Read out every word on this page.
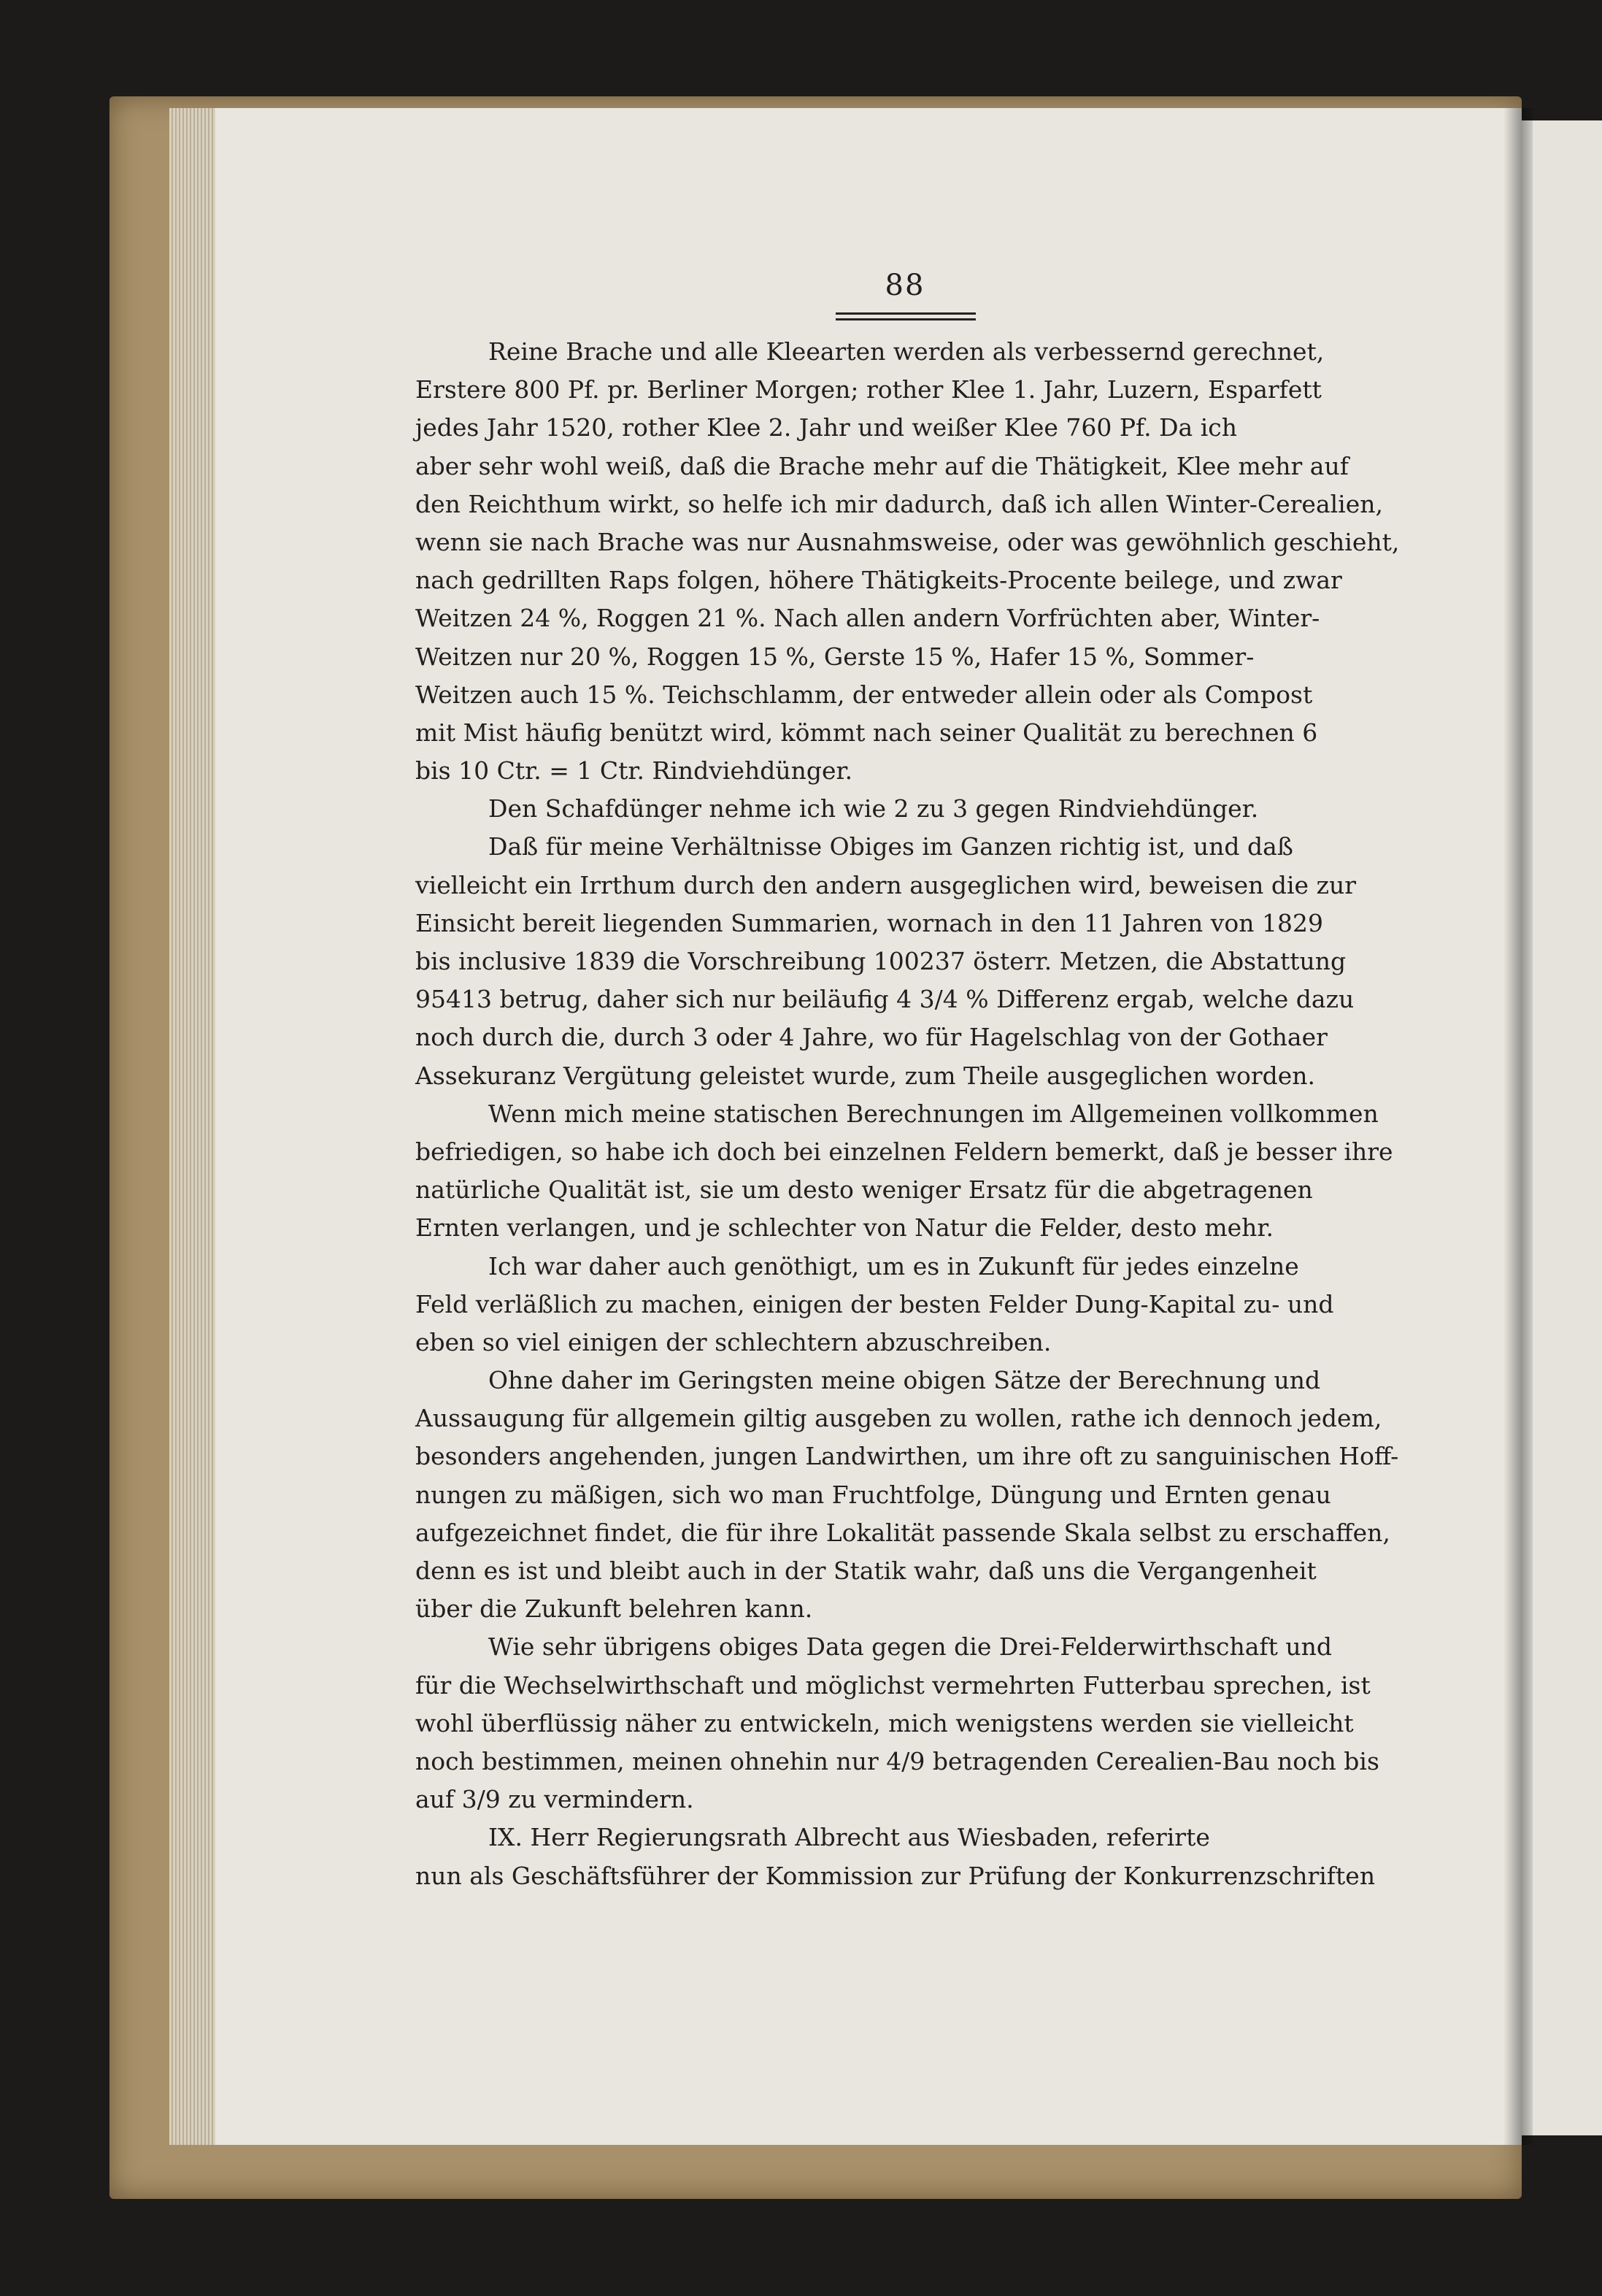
88
Reine Brache und alle Kleearten werden als verbessernd gerechnet,
Erstere 800 Pf. pr. Berliner Morgen; rother Klee 1. Jahr, Luzern, Esparfett
jedes Jahr 1520, rother Klee 2. Jahr und weißer Klee 760 Pf. Da ich
aber sehr wohl weiß, daß die Brache mehr auf die Thätigkeit, Klee mehr auf
den Reichthum wirkt, so helfe ich mir dadurch, daß ich allen Winter-Cerealien,
wenn sie nach Brache was nur Ausnahmsweise, oder was gewöhnlich geschieht,
nach gedrillten Raps folgen, höhere Thätigkeits-Procente beilege, und zwar
Weitzen 24 %, Roggen 21 %. Nach allen andern Vorfrüchten aber, Winter-
Weitzen nur 20 %, Roggen 15 %, Gerste 15 %, Hafer 15 %, Sommer-
Weitzen auch 15 %. Teichschlamm, der entweder allein oder als Compost
mit Mist häufig benützt wird, kömmt nach seiner Qualität zu berechnen 6
bis 10 Ctr. = 1 Ctr. Rindviehdünger.
Den Schafdünger nehme ich wie 2 zu 3 gegen Rindviehdünger.
Daß für meine Verhältnisse Obiges im Ganzen richtig ist, und daß
vielleicht ein Irrthum durch den andern ausgeglichen wird, beweisen die zur
Einsicht bereit liegenden Summarien, wornach in den 11 Jahren von 1829
bis inclusive 1839 die Vorschreibung 100237 österr. Metzen, die Abstattung
95413 betrug, daher sich nur beiläufig 4 3/4 % Differenz ergab, welche dazu
noch durch die, durch 3 oder 4 Jahre, wo für Hagelschlag von der Gothaer
Assekuranz Vergütung geleistet wurde, zum Theile ausgeglichen worden.
Wenn mich meine statischen Berechnungen im Allgemeinen vollkommen
befriedigen, so habe ich doch bei einzelnen Feldern bemerkt, daß je besser ihre
natürliche Qualität ist, sie um desto weniger Ersatz für die abgetragenen
Ernten verlangen, und je schlechter von Natur die Felder, desto mehr.
Ich war daher auch genöthigt, um es in Zukunft für jedes einzelne
Feld verläßlich zu machen, einigen der besten Felder Dung-Kapital zu- und
eben so viel einigen der schlechtern abzuschreiben.
Ohne daher im Geringsten meine obigen Sätze der Berechnung und
Aussaugung für allgemein giltig ausgeben zu wollen, rathe ich dennoch jedem,
besonders angehenden, jungen Landwirthen, um ihre oft zu sanguinischen Hoff-
nungen zu mäßigen, sich wo man Fruchtfolge, Düngung und Ernten genau
aufgezeichnet findet, die für ihre Lokalität passende Skala selbst zu erschaffen,
denn es ist und bleibt auch in der Statik wahr, daß uns die Vergangenheit
über die Zukunft belehren kann.
Wie sehr übrigens obiges Data gegen die Drei-Felderwirthschaft und
für die Wechselwirthschaft und möglichst vermehrten Futterbau sprechen, ist
wohl überflüssig näher zu entwickeln, mich wenigstens werden sie vielleicht
noch bestimmen, meinen ohnehin nur 4/9 betragenden Cerealien-Bau noch bis
auf 3/9 zu vermindern.
IX. Herr Regierungsrath Albrecht aus Wiesbaden, referirte
nun als Geschäftsführer der Kommission zur Prüfung der Konkurrenzschriften
